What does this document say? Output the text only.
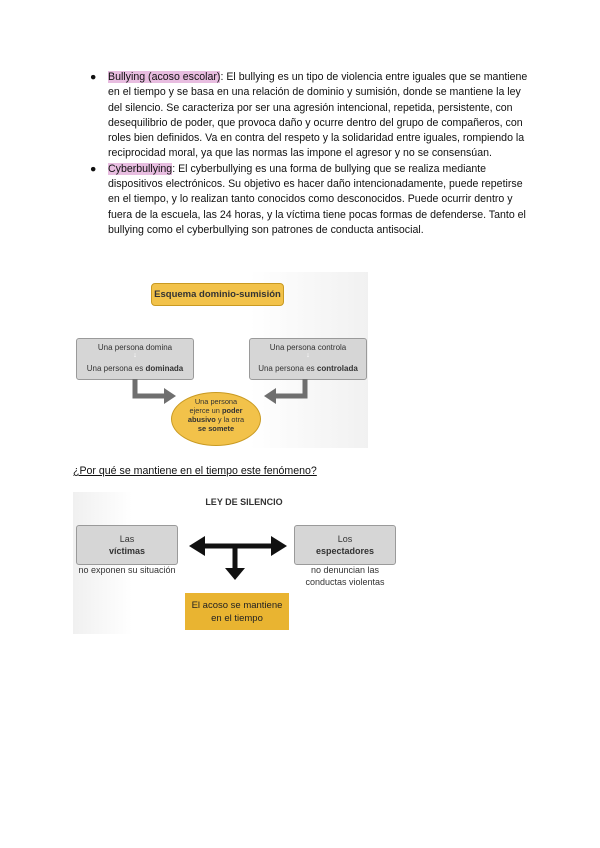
● Bullying (acoso escolar): El bullying es un tipo de violencia entre iguales que se mantiene en el tiempo y se basa en una relación de dominio y sumisión, donde se mantiene la ley del silencio. Se caracteriza por ser una agresión intencional, repetida, persistente, con desequilibrio de poder, que provoca daño y ocurre dentro del grupo de compañeros, con roles bien definidos. Va en contra del respeto y la solidaridad entre iguales, rompiendo la reciprocidad moral, ya que las normas las impone el agresor y no se consensúan.
● Cyberbullying: El cyberbullying es una forma de bullying que se realiza mediante dispositivos electrónicos. Su objetivo es hacer daño intencionadamente, puede repetirse en el tiempo, y lo realizan tanto conocidos como desconocidos. Puede ocurrir dentro y fuera de la escuela, las 24 horas, y la víctima tiene pocas formas de defenderse. Tanto el bullying como el cyberbullying son patrones de conducta antisocial.
Esquema dominio-sumisión
Una persona domina
↓
Una persona es dominada
Una persona controla
↓
Una persona es controlada
Una persona ejerce un poder abusivo y la otra se somete
¿Por qué se mantiene en el tiempo este fenómeno?
LEY DE SILENCIO
Las
víctimas
no exponen su situación
Los
espectadores
no denuncian las conductas violentas
El acoso se mantiene en el tiempo
